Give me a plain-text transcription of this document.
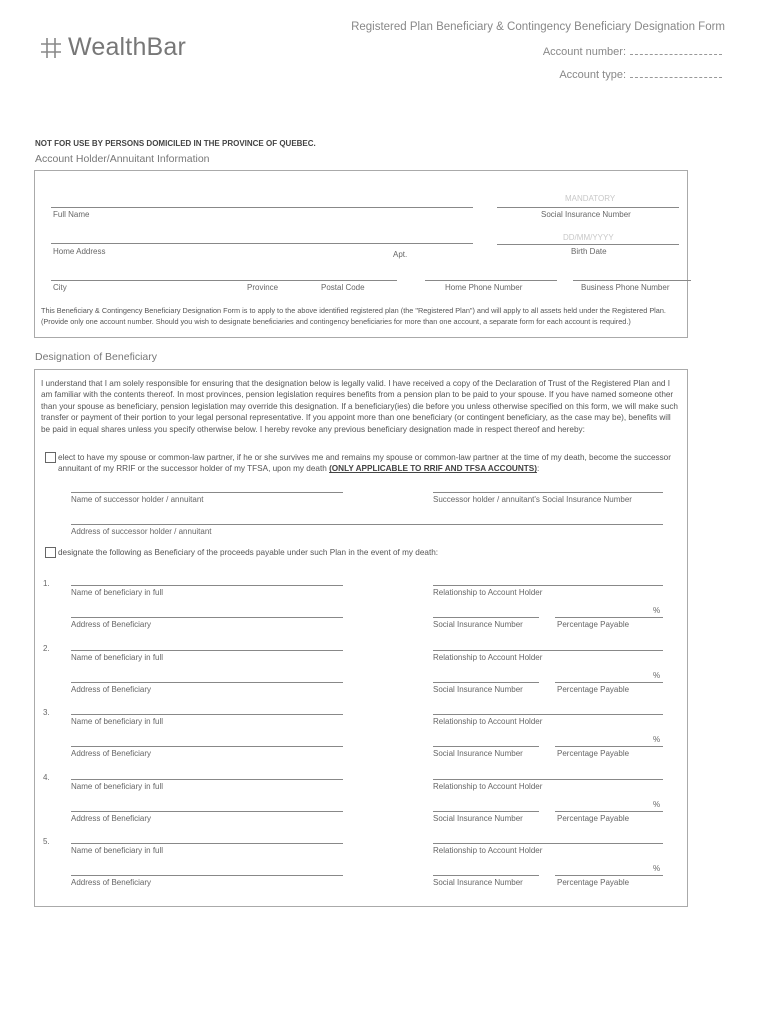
WealthBar
Registered Plan Beneficiary & Contingency Beneficiary Designation Form
Account number:
Account type:
NOT FOR USE BY PERSONS DOMICILED IN THE PROVINCE OF QUEBEC.
Account Holder/Annuitant Information
MANDATORY
Full Name	Social Insurance Number
DD/MM/YYYY
Home Address	Apt.	Birth Date
City	Province	Postal Code	Home Phone Number	Business Phone Number
This Beneficiary & Contingency Beneficiary Designation Form is to apply to the above identified registered plan (the "Registered Plan") and will apply to all assets held under the Registered Plan. (Provide only one account number. Should you wish to designate beneficiaries and contingency beneficiaries for more than one account, a separate form for each account is required.)
Designation of Beneficiary
I understand that I am solely responsible for ensuring that the designation below is legally valid. I have received a copy of the Declaration of Trust of the Registered Plan and I am familiar with the contents thereof. In most provinces, pension legislation requires benefits from a pension plan to be paid to your spouse. If you have named someone other than your spouse as beneficiary, pension legislation may override this designation. If a beneficiary(ies) die before you unless otherwise specified on this form, we will make such transfer or payment of their portion to your legal personal representative. If you appoint more than one beneficiary (or contingent beneficiary, as the case may be), benefits will be paid in equal shares unless you specify otherwise below. I hereby revoke any previous beneficiary designation made in respect thereof and hereby:
elect to have my spouse or common-law partner, if he or she survives me and remains my spouse or common-law partner at the time of my death, become the successor annuitant of my RRIF or the successor holder of my TFSA, upon my death (ONLY APPLICABLE TO RRIF AND TFSA ACCOUNTS):
Name of successor holder / annuitant	Successor holder / annuitant's Social Insurance Number
Address of successor holder / annuitant
designate the following as Beneficiary of the proceeds payable under such Plan in the event of my death:
1.
Name of beneficiary in full	Relationship to Account Holder
%
Address of Beneficiary	Social Insurance Number	Percentage Payable
2.
Name of beneficiary in full	Relationship to Account Holder
%
Address of Beneficiary	Social Insurance Number	Percentage Payable
3.
Name of beneficiary in full	Relationship to Account Holder
%
Address of Beneficiary	Social Insurance Number	Percentage Payable
4.
Name of beneficiary in full	Relationship to Account Holder
%
Address of Beneficiary	Social Insurance Number	Percentage Payable
5.
Name of beneficiary in full	Relationship to Account Holder
%
Address of Beneficiary	Social Insurance Number	Percentage Payable
